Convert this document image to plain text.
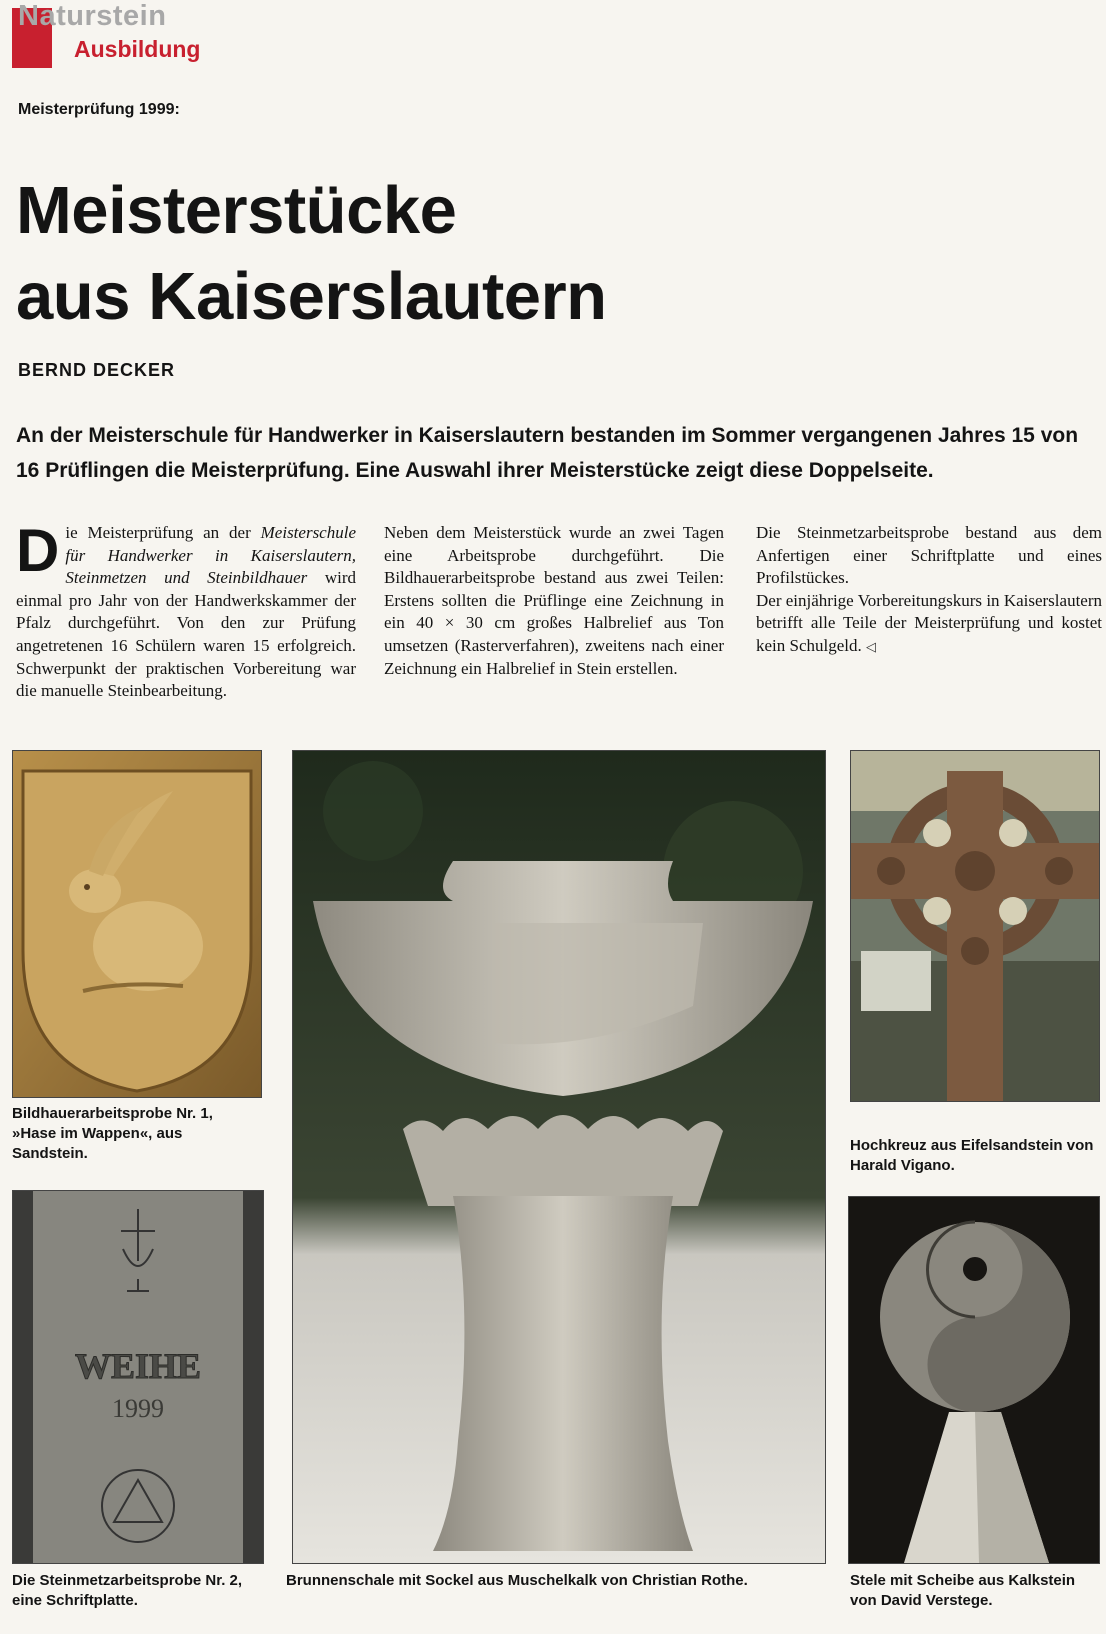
Naturstein
Ausbildung
Meisterprüfung 1999:
Meisterstücke
aus Kaiserslautern
BERND DECKER
An der Meisterschule für Handwerker in Kaiserslautern bestanden im Sommer vergangenen Jahres 15 von 16 Prüflingen die Meisterprüfung. Eine Auswahl ihrer Meisterstücke zeigt diese Doppelseite.
Die Meisterprüfung an der Meisterschule für Handwerker in Kaiserslautern, Steinmetzen und Steinbildhauer wird einmal pro Jahr von der Handwerkskammer der Pfalz durchgeführt. Von den zur Prüfung angetretenen 16 Schülern waren 15 erfolgreich. Schwerpunkt der praktischen Vorbereitung war die manuelle Steinbearbeitung.

Neben dem Meisterstück wurde an zwei Tagen eine Arbeitsprobe durchgeführt. Die Bildhauerarbeitsprobe bestand aus zwei Teilen: Erstens sollten die Prüflinge eine Zeichnung in ein 40 × 30 cm großes Halbrelief aus Ton umsetzen (Rasterverfahren), zweitens nach einer Zeichnung ein Halbrelief in Stein erstellen.

Die Steinmetzarbeitsprobe bestand aus dem Anfertigen einer Schriftplatte und eines Profilstückes.

Der einjährige Vorbereitungskurs in Kaiserslautern betrifft alle Teile der Meisterprüfung und kostet kein Schulgeld. ◁

Bildhauerarbeitsprobe Nr. 1, »Hase im Wappen«, aus Sandstein.
WEIHE
1999
Die Steinmetzarbeitsprobe Nr. 2, eine Schriftplatte.
Brunnenschale mit Sockel aus Muschelkalk von Christian Rothe.
Hochkreuz aus Eifelsandstein von Harald Vigano.
Stele mit Scheibe aus Kalkstein von David Verstege.
